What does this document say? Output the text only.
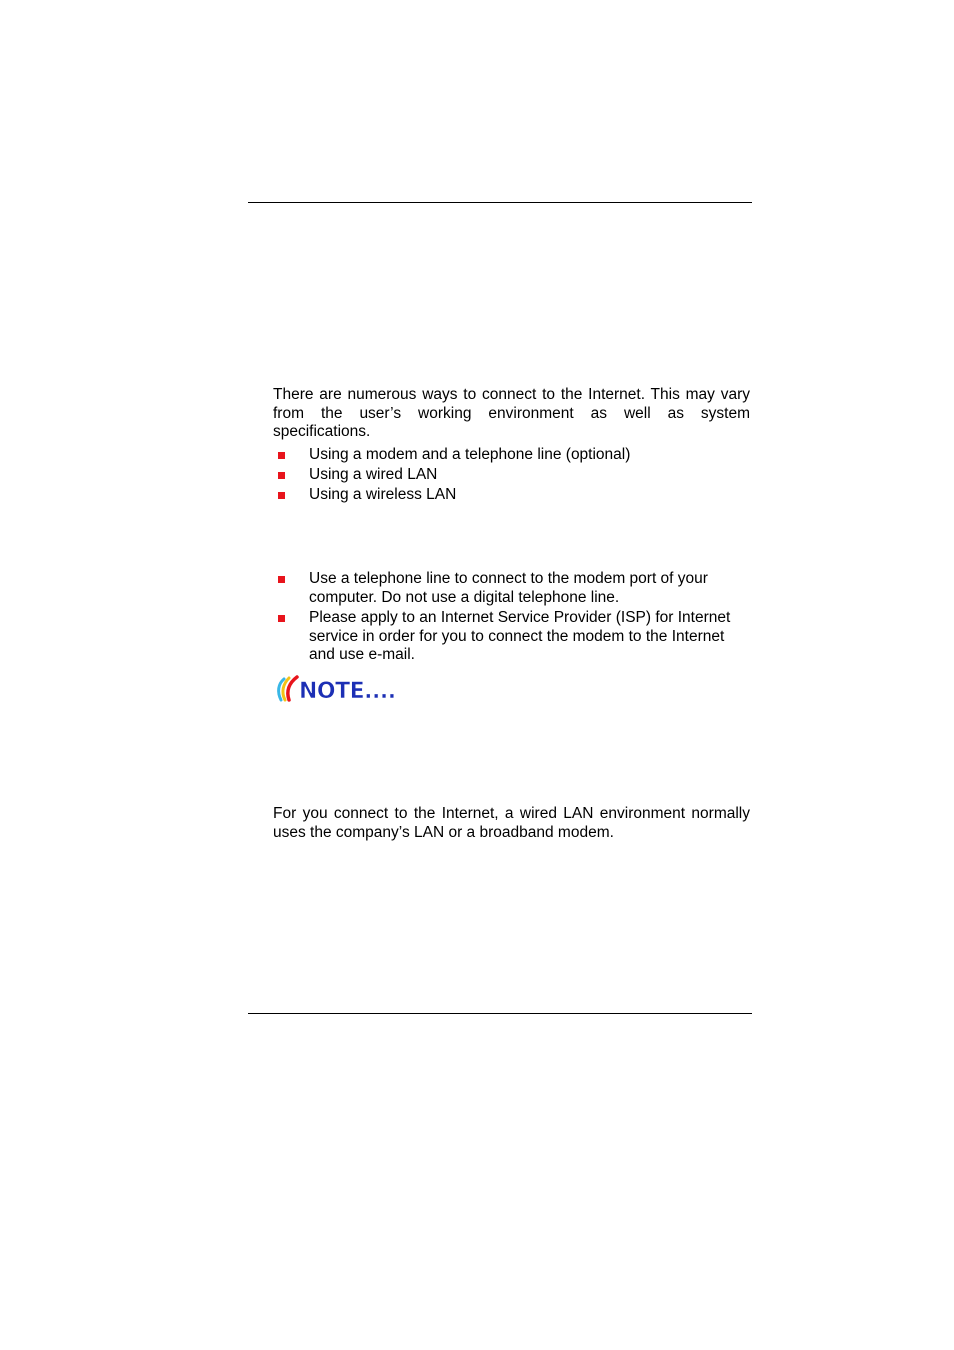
There are numerous ways to connect to the Internet. This may vary from the user’s working environment as well as system specifications.

Using a modem and a telephone line (optional)
Using a wired LAN
Using a wireless LAN
Use a telephone line to connect to the modem port of your computer. Do not use a digital telephone line.
Please apply to an Internet Service Provider (ISP) for Internet service in order for you to connect the modem to the Internet and use e-mail.
NOTE....

For you connect to the Internet, a wired LAN environment normally uses the company’s LAN or a broadband modem.
